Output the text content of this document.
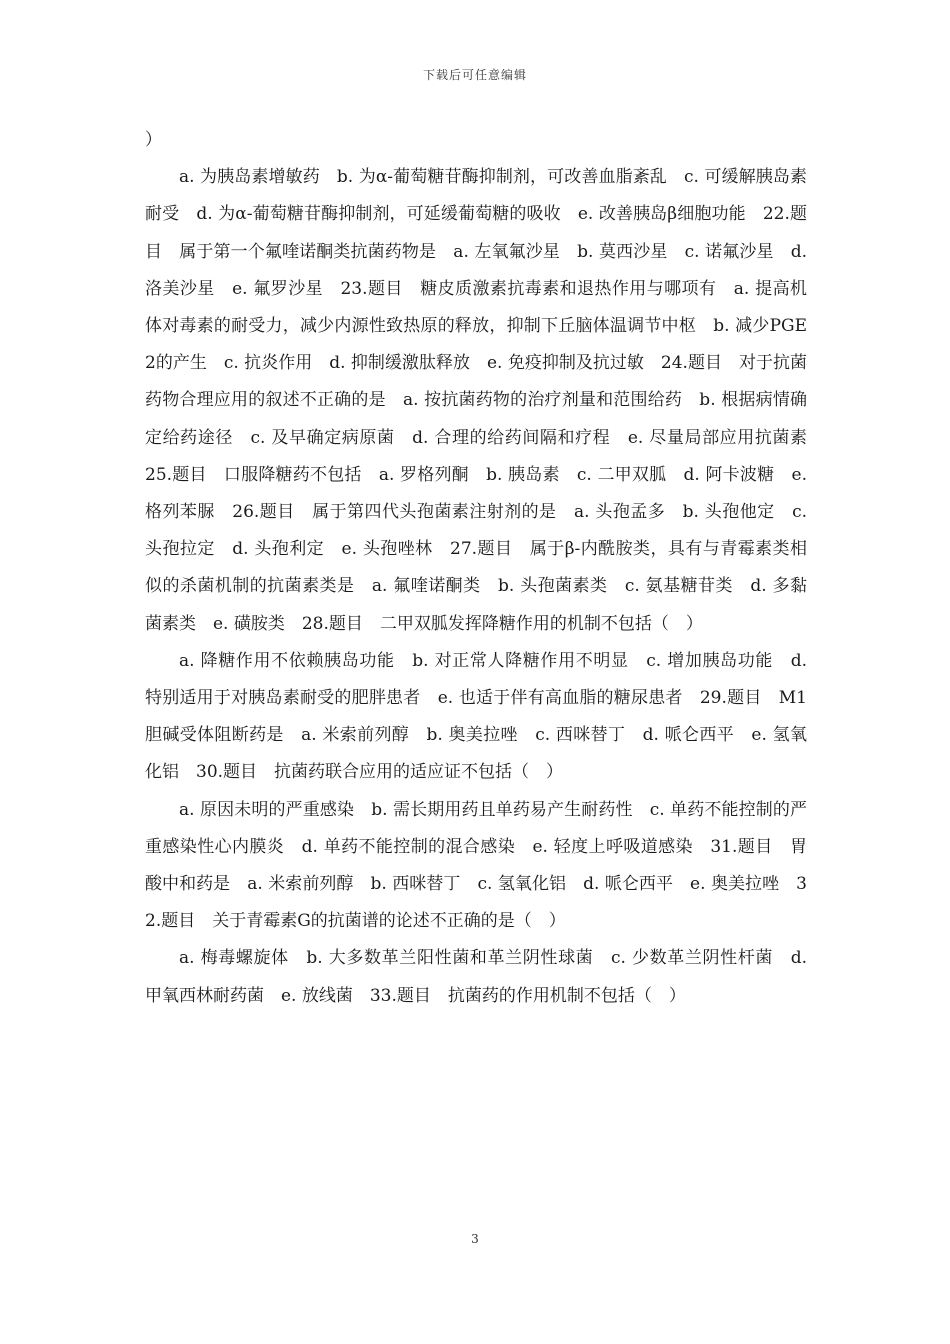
下载后可任意编辑

）

a. 为胰岛素增敏药　b. 为α-葡萄糖苷酶抑制剂，可改善血脂紊乱　c. 可缓解胰岛素耐受　d. 为α-葡萄糖苷酶抑制剂，可延缓葡萄糖的吸收　e. 改善胰岛β细胞功能　22.题目　属于第一个氟喹诺酮类抗菌药物是　a. 左氧氟沙星　b. 莫西沙星　c. 诺氟沙星　d. 洛美沙星　e. 氟罗沙星　23.题目　糖皮质激素抗毒素和退热作用与哪项有　a. 提高机体对毒素的耐受力，减少内源性致热原的释放，抑制下丘脑体温调节中枢　b. 减少PGE2的产生　c. 抗炎作用　d. 抑制缓激肽释放　e. 免疫抑制及抗过敏　24.题目　对于抗菌药物合理应用的叙述不正确的是　a. 按抗菌药物的治疗剂量和范围给药　b. 根据病情确定给药途径　c. 及早确定病原菌　d. 合理的给药间隔和疗程　e. 尽量局部应用抗菌素　25.题目　口服降糖药不包括　a. 罗格列酮　b. 胰岛素　c. 二甲双胍　d. 阿卡波糖　e. 格列苯脲　26.题目　属于第四代头孢菌素注射剂的是　a. 头孢孟多　b. 头孢他定　c. 头孢拉定　d. 头孢利定　e. 头孢唑林　27.题目　属于β-内酰胺类，具有与青霉素类相似的杀菌机制的抗菌素类是　a. 氟喹诺酮类　b. 头孢菌素类　c. 氨基糖苷类　d. 多黏菌素类　e. 磺胺类　28.题目　二甲双胍发挥降糖作用的机制不包括（　）

a. 降糖作用不依赖胰岛功能　b. 对正常人降糖作用不明显　c. 增加胰岛功能　d. 特别适用于对胰岛素耐受的肥胖患者　e. 也适于伴有高血脂的糖尿患者　29.题目　M1胆碱受体阻断药是　a. 米索前列醇　b. 奥美拉唑　c. 西咪替丁　d. 哌仑西平　e. 氢氧化铝　30.题目　抗菌药联合应用的适应证不包括（　）

a. 原因未明的严重感染　b. 需长期用药且单药易产生耐药性　c. 单药不能控制的严重感染性心内膜炎　d. 单药不能控制的混合感染　e. 轻度上呼吸道感染　31.题目　胃酸中和药是　a. 米索前列醇　b. 西咪替丁　c. 氢氧化铝　d. 哌仑西平　e. 奥美拉唑　32.题目　关于青霉素G的抗菌谱的论述不正确的是（　）

a. 梅毒螺旋体　b. 大多数革兰阳性菌和革兰阴性球菌　c. 少数革兰阴性杆菌　d. 甲氧西林耐药菌　e. 放线菌　33.题目　抗菌药的作用机制不包括（　）

3
